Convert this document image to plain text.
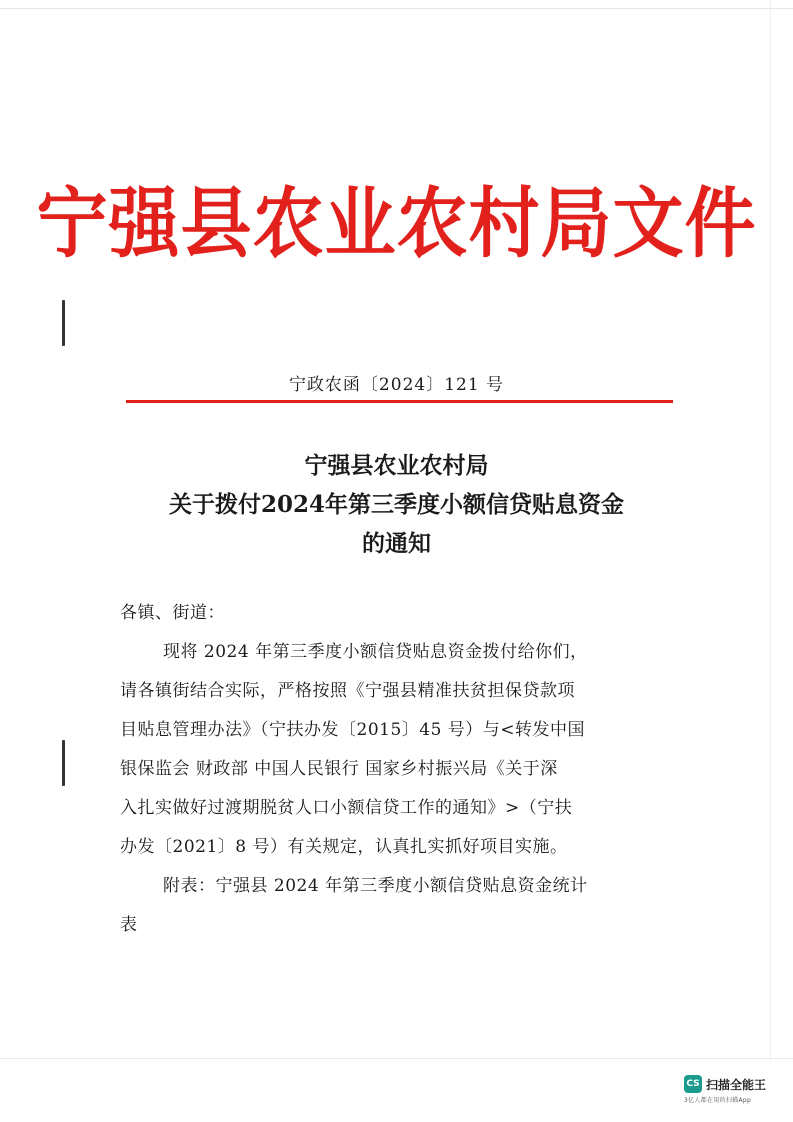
宁强县农业农村局文件
宁政农函〔2024〕121 号
宁强县农业农村局
关于拨付2024年第三季度小额信贷贴息资金
的通知
各镇、街道：
现将 2024 年第三季度小额信贷贴息资金拨付给你们，
请各镇街结合实际，严格按照《宁强县精准扶贫担保贷款项
目贴息管理办法》（宁扶办发〔2015〕45 号）与<转发中国
银保监会 财政部 中国人民银行 国家乡村振兴局《关于深
入扎实做好过渡期脱贫人口小额信贷工作的通知》>（宁扶
办发〔2021〕8 号）有关规定，认真扎实抓好项目实施。
附表：宁强县 2024 年第三季度小额信贷贴息资金统计
表
CS 扫描全能王
3亿人都在用的扫描App
